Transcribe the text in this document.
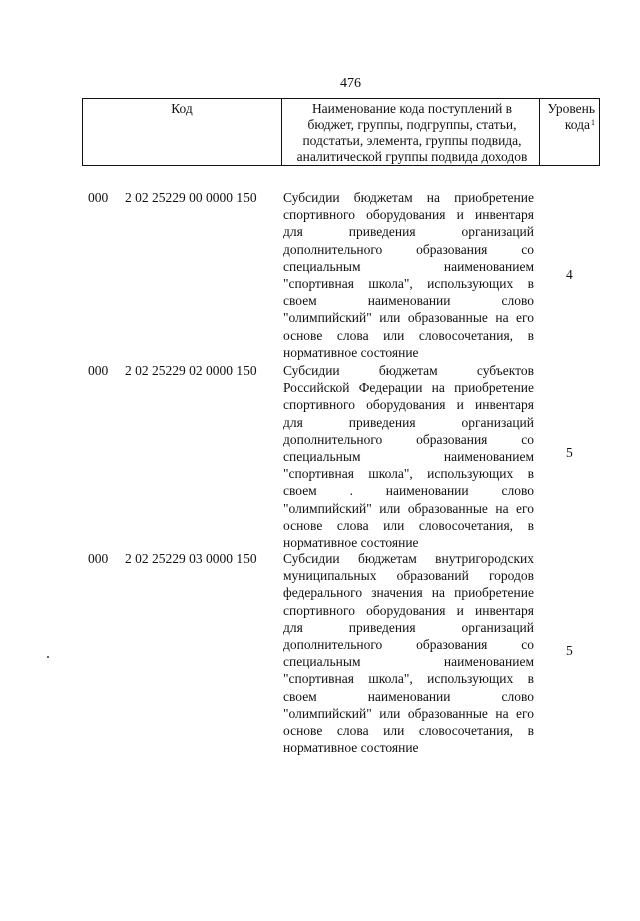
476
Код	Наименование кода поступлений в
бюджет, группы, подгруппы, статьи,
подстатьи, элемента, группы подвида,
аналитической группы подвида доходов
Уровень
кода$^1$
000 2 02 25229 00 0000 150 Субсидии бюджетам на приобретение
спортивного оборудования и инвентаря
для приведения организаций
дополнительного образования со
специальным наименованием
"спортивная школа", использующих в
своем наименовании слово
"олимпийский" или образованные на его
основе слова или словосочетания, в
нормативное состояние
4
000 2 02 25229 02 0000 150 Субсидии бюджетам субъектов
Российской Федерации на приобретение
спортивного оборудования и инвентаря
для приведения организаций
дополнительного образования со
специальным наименованием
"спортивная школа", использующих в
своем . наименовании слово
"олимпийский" или образованные на его
основе слова или словосочетания, в
нормативное состояние
5
000 2 02 25229 03 0000 150 Субсидии бюджетам внутригородских
муниципальных образований городов
федерального значения на приобретение
спортивного оборудования и инвентаря
для приведения организаций
дополнительного образования со
специальным наименованием
"спортивная школа", использующих в
своем наименовании слово
"олимпийский" или образованные на его
основе слова или словосочетания, в
нормативное состояние
5
